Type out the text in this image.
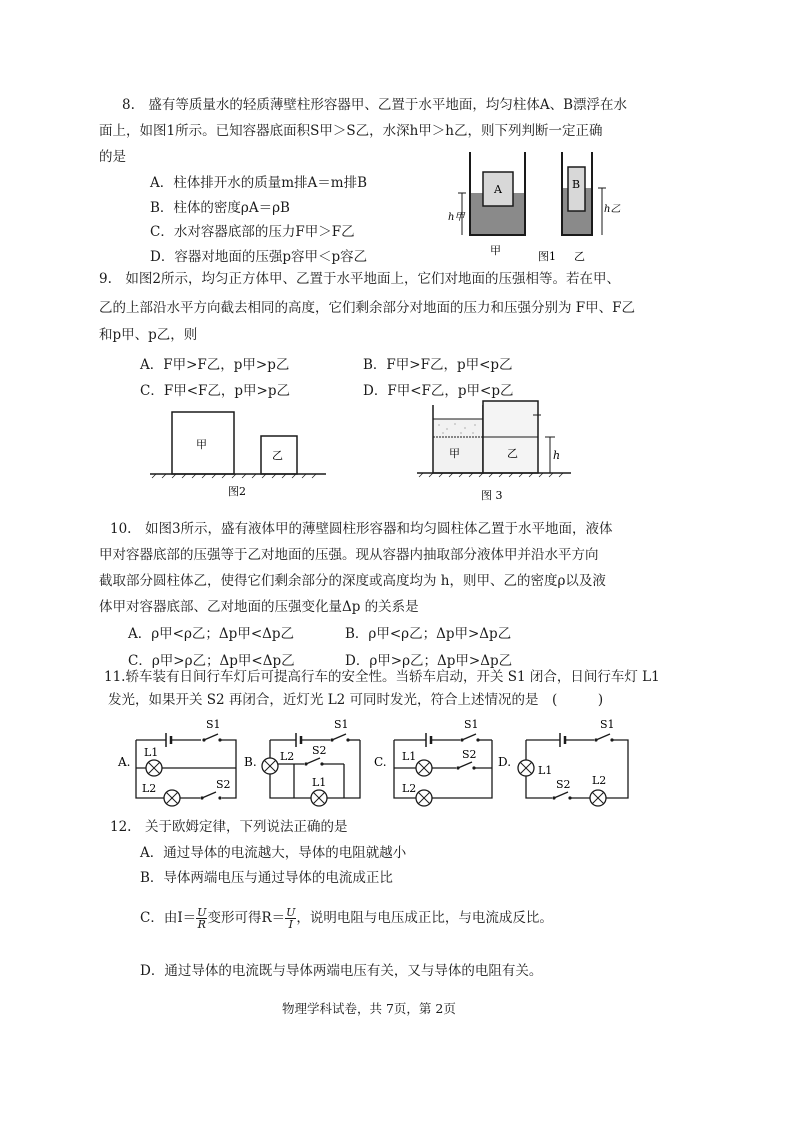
8.　盛有等质量水的轻质薄壁柱形容器甲、乙置于水平地面，均匀柱体A、B漂浮在水
面上，如图1所示。已知容器底面积S甲＞S乙，水深h甲＞h乙，则下列判断一定正确
的是
A．柱体排开水的质量m排A＝m排B
B．柱体的密度ρA＝ρB
C．水对容器底部的压力F甲＞F乙
D．容器对地面的压强p容甲＜p容乙
A
h甲
B
h乙
甲	图1 乙
9.　如图2所示，均匀正方体甲、乙置于水平地面上，它们对地面的压强相等。若在甲、
乙的上部沿水平方向截去相同的高度，它们剩余部分对地面的压力和压强分别为 F甲、F乙
和p甲、p乙，则
A．F甲>F乙，p甲>p乙	B．F甲>F乙，p甲<p乙
C．F甲<F乙，p甲>p乙	D．F甲<F乙，p甲<p乙
甲
乙
图2
甲	乙	h
图 3
10.　如图3所示，盛有液体甲的薄壁圆柱形容器和均匀圆柱体乙置于水平地面，液体
甲对容器底部的压强等于乙对地面的压强。现从容器内抽取部分液体甲并沿水平方向
截取部分圆柱体乙，使得它们剩余部分的深度或高度均为 h，则甲、乙的密度ρ以及液
体甲对容器底部、乙对地面的压强变化量Δp 的关系是
A．ρ甲<ρ乙；Δp甲<Δp乙	B．ρ甲<ρ乙；Δp甲>Δp乙
C．ρ甲>ρ乙；Δp甲<Δp乙	D．ρ甲>ρ乙；Δp甲>Δp乙
11.轿车装有日间行车灯后可提高行车的安全性。当轿车启动，开关 S1 闭合，日间行车灯 L1
发光，如果开关 S2 再闭合，近灯光 L2 可同时发光，符合上述情况的是　(　　　)
A.
S1
L1
L2	S2
B.
S1
S2
L2
L1
C.
S1
S2
L1
L2
D.
S1
L1
S2 L2
12.　关于欧姆定律，下列说法正确的是
A．通过导体的电流越大，导体的电阻就越小
B．导体两端电压与通过导体的电流成正比
C．由$I= \frac{U}{R}$ 变形可得$R= \frac{U}{I}$ ，说明电阻与电压成正比，与电流成反比。
D．通过导体的电流既与导体两端电压有关，又与导体的电阻有关。
物理学科试卷，共 7页，第 2页
